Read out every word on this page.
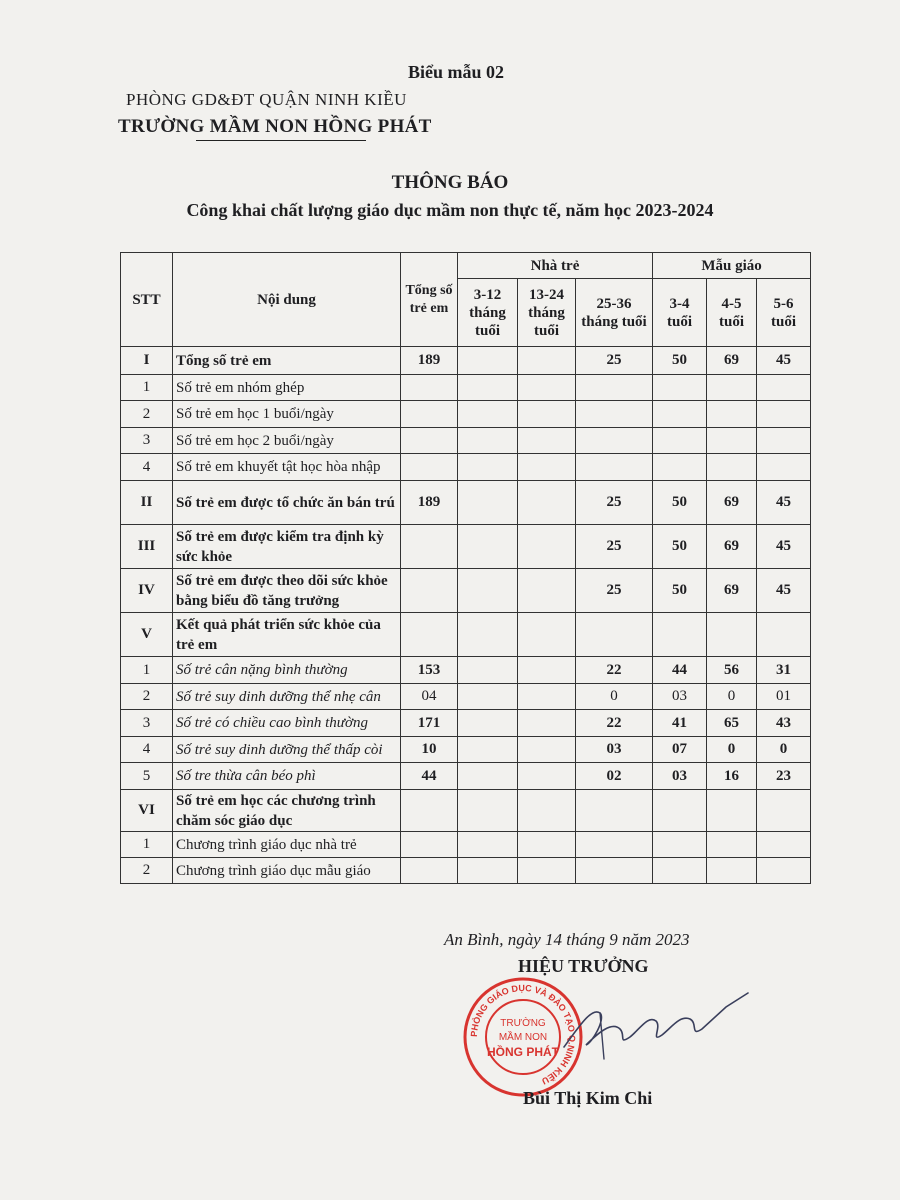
Biểu mẫu 02
PHÒNG GD&ĐT QUẬN NINH KIỀU
TRƯỜNG MẦM NON HỒNG PHÁT
THÔNG BÁO
Công khai chất lượng giáo dục mầm non thực tế, năm học 2023-2024
STT	Nội dung	Tổng số trẻ em	Nhà trẻ			Mẫu giáo		
			3-12 tháng tuổi	13-24 tháng tuổi	25-36 tháng tuổi	3-4 tuổi	4-5 tuổi	5-6 tuổi
I	Tổng số trẻ em	189			25	50	69	45
1	Số trẻ em nhóm ghép							
2	Số trẻ em học 1 buổi/ngày							
3	Số trẻ em học 2 buổi/ngày							
4	Số trẻ em khuyết tật học hòa nhập							
II	Số trẻ em được tổ chức ăn bán trú	189			25	50	69	45
III	Số trẻ em được kiểm tra định kỳ sức khỏe				25	50	69	45
IV	Số trẻ em được theo dõi sức khỏe bằng biểu đồ tăng trưởng				25	50	69	45
V	Kết quả phát triển sức khỏe của trẻ em							
1	Số trẻ cân nặng bình thường	153			22	44	56	31
2	Số trẻ suy dinh dưỡng thể nhẹ cân	04			0	03	0	01
3	Số trẻ có chiều cao bình thường	171			22	41	65	43
4	Số trẻ suy dinh dưỡng thể thấp còi	10			03	07	0	0
5	Số tre thừa cân béo phì	44			02	03	16	23
VI	Số trẻ em học các chương trình chăm sóc giáo dục							
1	Chương trình giáo dục nhà trẻ							
2	Chương trình giáo dục mẫu giáo							
An Bình, ngày 14 tháng 9 năm 2023
HIỆU TRƯỞNG
PHÒNG GIÁO DỤC VÀ ĐÀO TẠO Q.NINH KIỀU
TRƯỜNG
MẦM NON
HỒNG PHÁT
Bùi Thị Kim Chi
